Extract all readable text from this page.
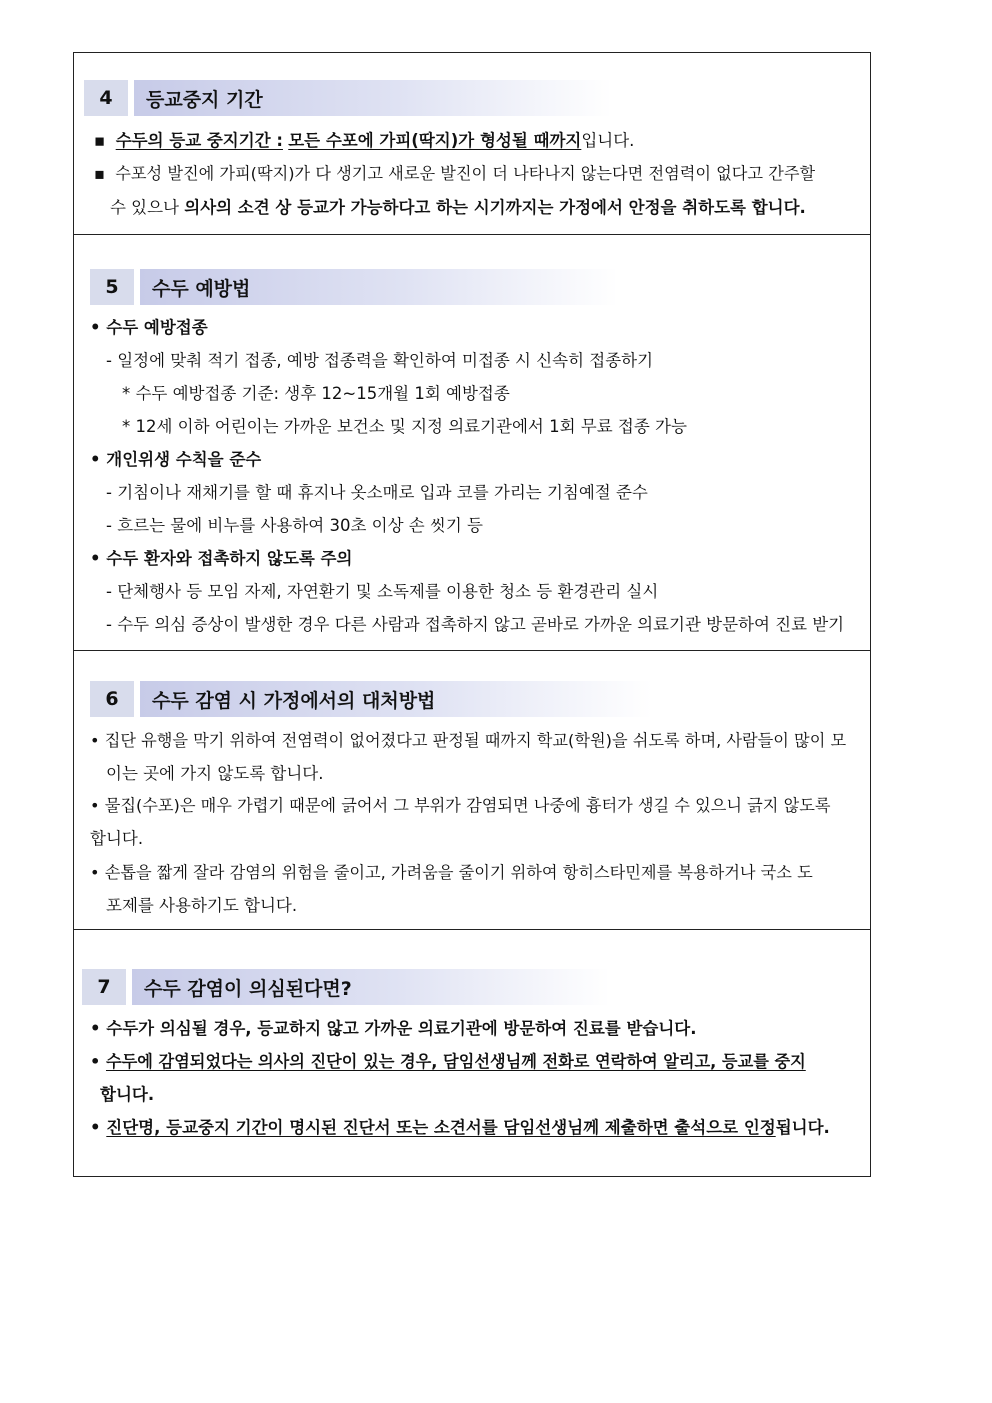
4	등교중지 기간
▪  수두의 등교 중지기간 : 모든 수포에 가피(딱지)가 형성될 때까지입니다.
▪  수포성 발진에 가피(딱지)가 다 생기고 새로운 발진이 더 나타나지 않는다면 전염력이 없다고 간주할
수 있으나 의사의 소견 상 등교가 가능하다고 하는 시기까지는 가정에서 안정을 취하도록 합니다.
5	수두 예방법
• 수두 예방접종
- 일정에 맞춰 적기 접종, 예방 접종력을 확인하여 미접종 시 신속히 접종하기
* 수두 예방접종 기준: 생후 12~15개월 1회 예방접종
* 12세 이하 어린이는 가까운 보건소 및 지정 의료기관에서 1회 무료 접종 가능
• 개인위생 수칙을 준수
- 기침이나 재채기를 할 때 휴지나 옷소매로 입과 코를 가리는 기침예절 준수
- 흐르는 물에 비누를 사용하여 30초 이상 손 씻기 등
• 수두 환자와 접촉하지 않도록 주의
- 단체행사 등 모임 자제, 자연환기 및 소독제를 이용한 청소 등 환경관리 실시
- 수두 의심 증상이 발생한 경우 다른 사람과 접촉하지 않고 곧바로 가까운 의료기관 방문하여 진료 받기
6	수두 감염 시 가정에서의 대처방법
• 집단 유행을 막기 위하여 전염력이 없어졌다고 판정될 때까지 학교(학원)을 쉬도록 하며, 사람들이 많이 모
이는 곳에 가지 않도록 합니다.
• 물집(수포)은 매우 가렵기 때문에 긁어서 그 부위가 감염되면 나중에 흉터가 생길 수 있으니 긁지 않도록
합니다.
• 손톱을 짧게 잘라 감염의 위험을 줄이고, 가려움을 줄이기 위하여 항히스타민제를 복용하거나 국소 도
포제를 사용하기도 합니다.
7	수두 감염이 의심된다면?
• 수두가 의심될 경우, 등교하지 않고 가까운 의료기관에 방문하여 진료를 받습니다.
• 수두에 감염되었다는 의사의 진단이 있는 경우, 담임선생님께 전화로 연락하여 알리고, 등교를 중지
합니다.
• 진단명, 등교중지 기간이 명시된 진단서 또는 소견서를 담임선생님께 제출하면 출석으로 인정됩니다.
